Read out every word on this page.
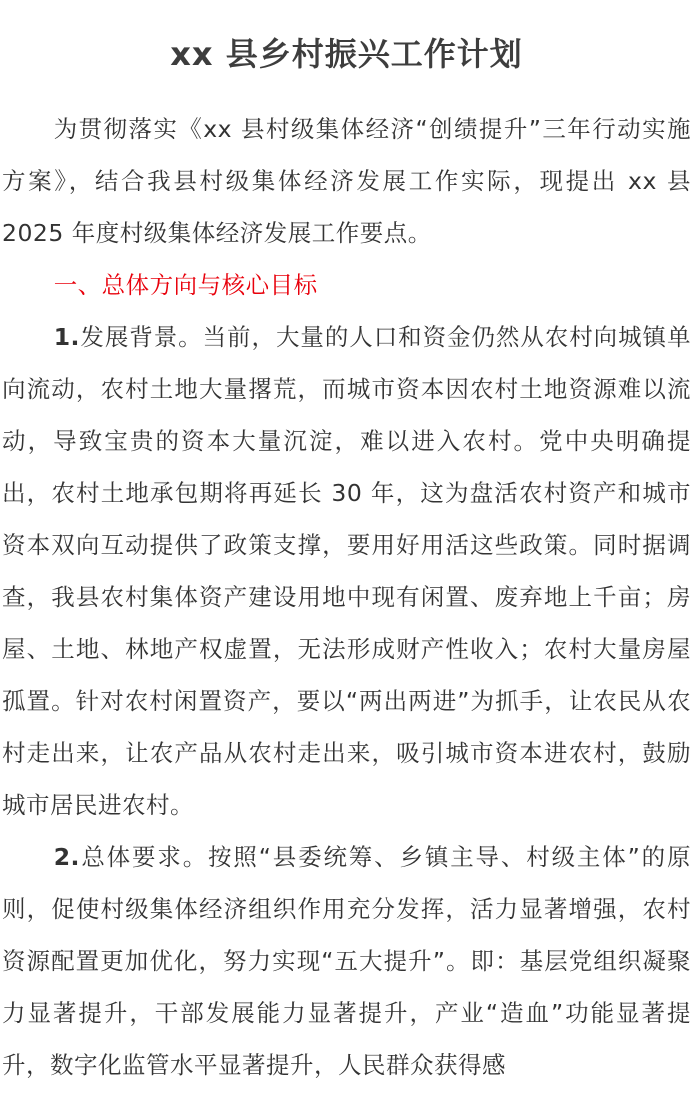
xx 县乡村振兴工作计划

为贯彻落实《xx 县村级集体经济“创绩提升”三年行动实施方案》，结合我县村级集体经济发展工作实际，现提出 xx 县 2025 年度村级集体经济发展工作要点。

一、总体方向与核心目标

1.发展背景。当前，大量的人口和资金仍然从农村向城镇单向流动，农村土地大量撂荒，而城市资本因农村土地资源难以流动，导致宝贵的资本大量沉淀，难以进入农村。党中央明确提出，农村土地承包期将再延长 30 年，这为盘活农村资产和城市资本双向互动提供了政策支撑，要用好用活这些政策。同时据调查，我县农村集体资产建设用地中现有闲置、废弃地上千亩；房屋、土地、林地产权虚置，无法形成财产性收入；农村大量房屋孤置。针对农村闲置资产，要以“两出两进”为抓手，让农民从农村走出来，让农产品从农村走出来，吸引城市资本进农村，鼓励城市居民进农村。

2.总体要求。按照“县委统筹、乡镇主导、村级主体”的原则，促使村级集体经济组织作用充分发挥，活力显著增强，农村资源配置更加优化，努力实现“五大提升”。即：基层党组织凝聚力显著提升，干部发展能力显著提升，产业“造血”功能显著提升，数字化监管水平显著提升，人民群众获得感
